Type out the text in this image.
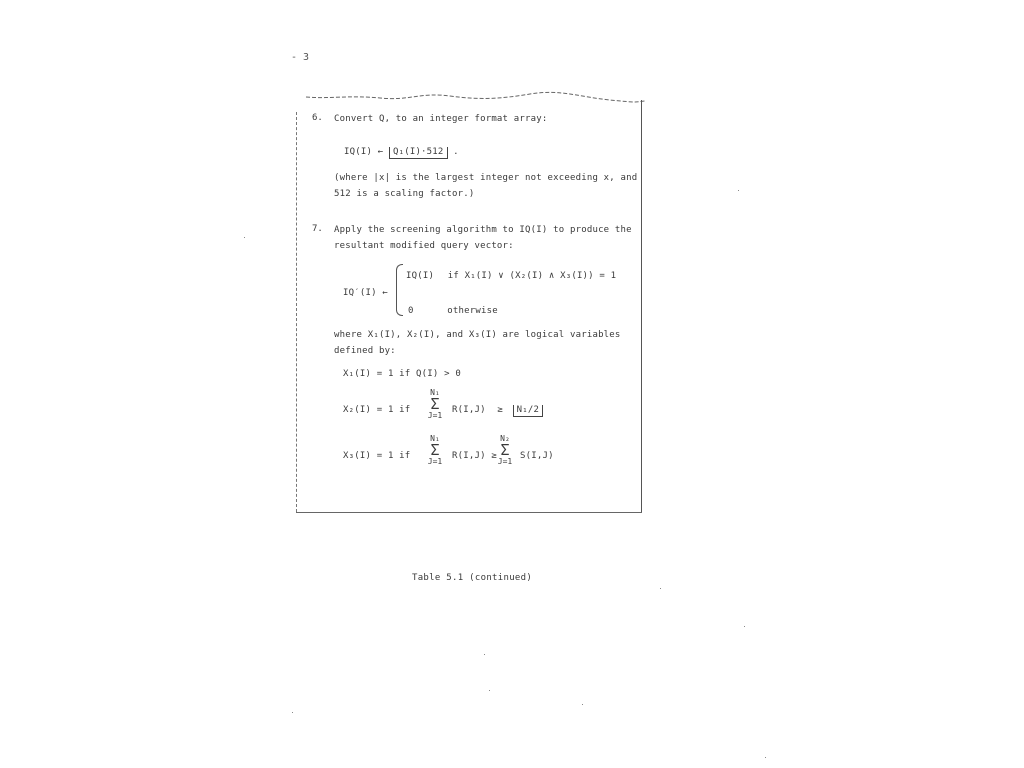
- 3
6. Convert Q, to an integer format array:
IQ(I) ← Q₁(I)·512 .
(where |x| is the largest integer not exceeding x, and
512 is a scaling factor.)
7. Apply the screening algorithm to IQ(I) to produce the
resultant modified query vector:
IQ′(I) ←
IQ(I) if X₁(I) ∨ (X₂(I) ∧ X₃(I)) = 1
0	otherwise
where X₁(I), X₂(I), and X₃(I) are logical variables
defined by:
X₁(I) = 1 if Q(I) > 0
X₂(I) = 1 if
N₁
Σ
J=1
R(I,J) ≥ N₁/2
X₃(I) = 1 if
N₁
Σ
J=1
R(I,J) ≥
N₂
Σ
J=1
S(I,J)
Table 5.1 (continued)
